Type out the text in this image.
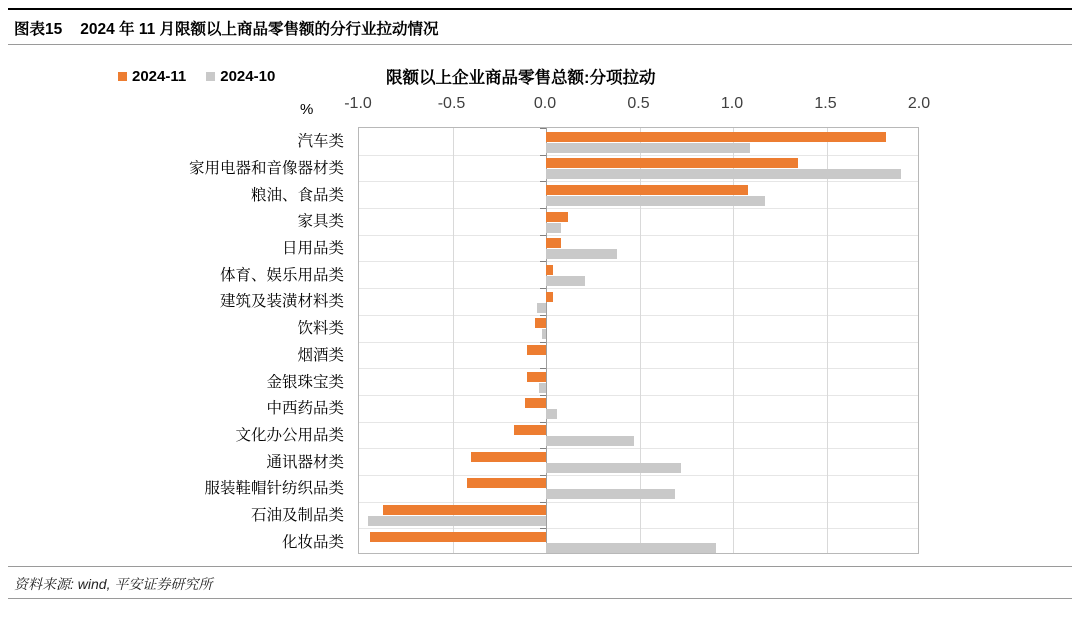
图表15 2024 年 11 月限额以上商品零售额的分行业拉动情况
2024-11 2024-10	限额以上企业商品零售总额:分项拉动
% -1.0	-0.5	0.0	0.5	1.0	1.5	2.0
汽车类
家用电器和音像器材类
粮油、食品类
家具类
日用品类
体育、娱乐用品类
建筑及装潢材料类
饮料类
烟酒类
金银珠宝类
中西药品类
文化办公用品类
通讯器材类
服装鞋帽针纺织品类
石油及制品类
化妆品类
资料来源: wind, 平安证券研究所
